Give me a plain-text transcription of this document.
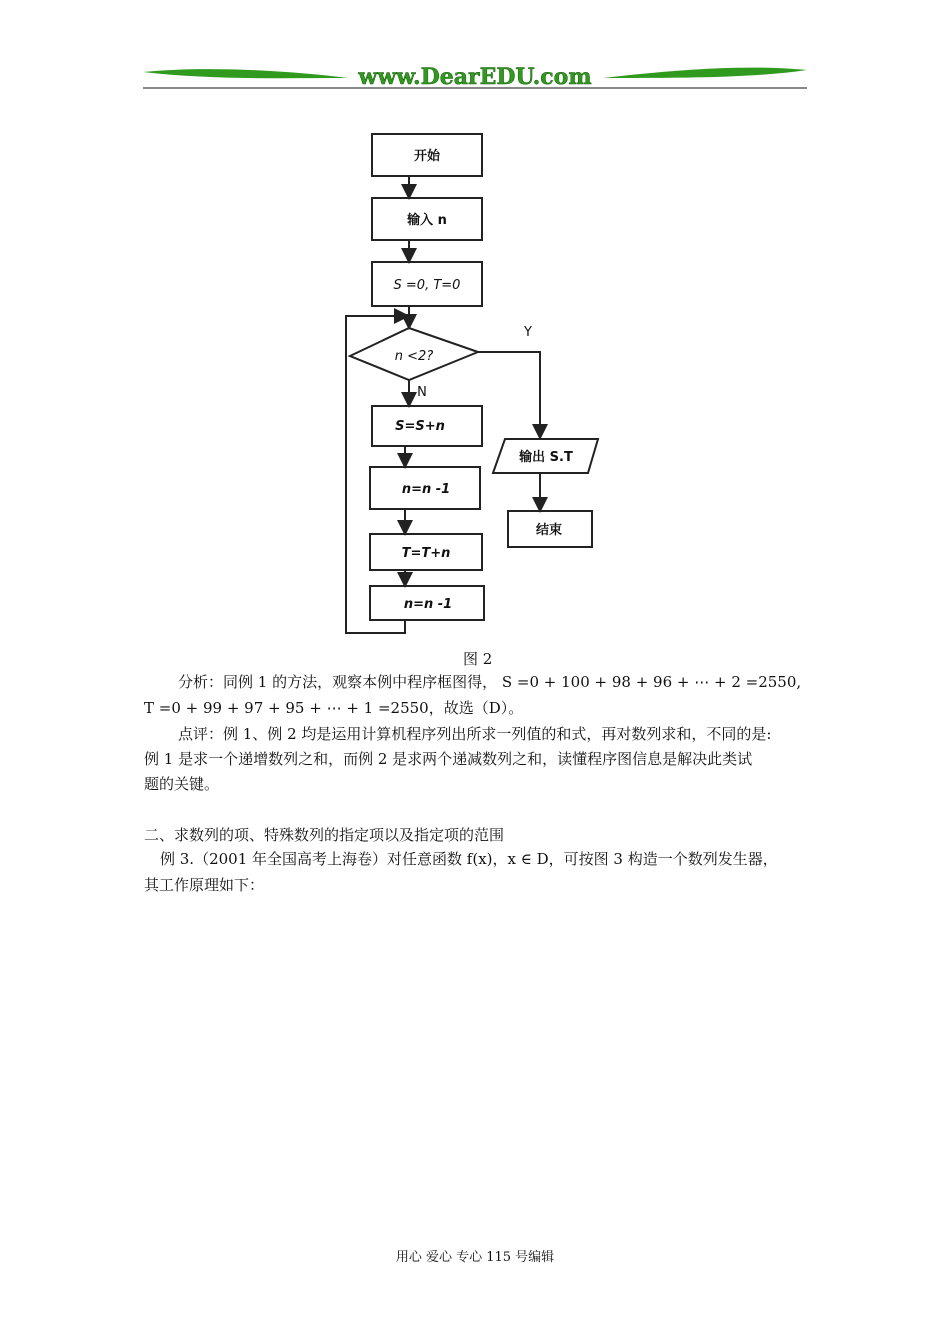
www.DearEDU.com
开始
输入 n
S =0, T=0
n <2?
Y
N
S=S+n
n=n -1
T=T+n
n=n -1
输出 S.T
结束
图 2
分析：同例 1 的方法，观察本例中程序框图得， S =0 + 100 + 98 + 96 + ⋯ + 2 =2550,
T =0 + 99 + 97 + 95 + ⋯ + 1 =2550，故选（D）。
点评：例 1、例 2 均是运用计算机程序列出所求一列值的和式，再对数列求和，不同的是:
例 1 是求一个递增数列之和，而例 2 是求两个递减数列之和，读懂程序图信息是解决此类试
题的关键。
二、求数列的项、特殊数列的指定项以及指定项的范围
例 3.（2001 年全国高考上海卷）对任意函数 f(x)，x ∈ D，可按图 3 构造一个数列发生器，
其工作原理如下：
用心 爱心 专心 115 号编辑
